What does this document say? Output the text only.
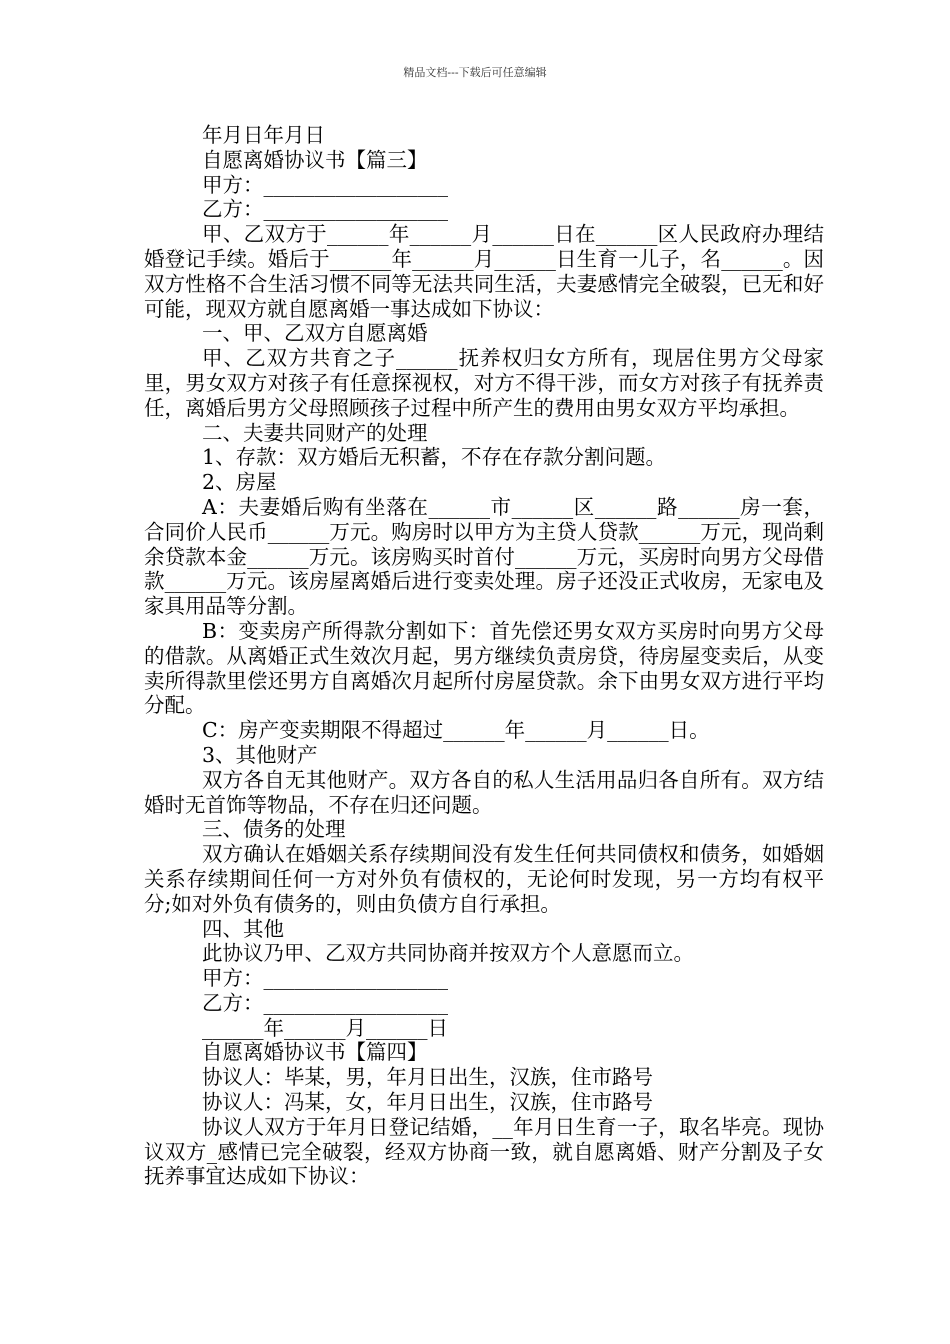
精品文档---下载后可任意编辑

年月日年月日

自愿离婚协议书【篇三】

甲方：__________________

乙方：__________________

甲、乙双方于______年______月______日在______区人民政府办理结婚登记手续。婚后于______年______月______日生育一儿子，名______。因双方性格不合生活习惯不同等无法共同生活，夫妻感情完全破裂，已无和好可能，现双方就自愿离婚一事达成如下协议：

一、甲、乙双方自愿离婚

甲、乙双方共育之子______抚养权归女方所有，现居住男方父母家里，男女双方对孩子有任意探视权，对方不得干涉，而女方对孩子有抚养责任，离婚后男方父母照顾孩子过程中所产生的费用由男女双方平均承担。

二、夫妻共同财产的处理

1、存款：双方婚后无积蓄，不存在存款分割问题。

2、房屋

A：夫妻婚后购有坐落在______市______区______路______房一套，合同价人民币______万元。购房时以甲方为主贷人贷款______万元，现尚剩余贷款本金______万元。该房购买时首付______万元，买房时向男方父母借款______万元。该房屋离婚后进行变卖处理。房子还没正式收房，无家电及家具用品等分割。

B：变卖房产所得款分割如下：首先偿还男女双方买房时向男方父母的借款。从离婚正式生效次月起，男方继续负责房贷，待房屋变卖后，从变卖所得款里偿还男方自离婚次月起所付房屋贷款。余下由男女双方进行平均分配。

C：房产变卖期限不得超过______年______月______日。

3、其他财产

双方各自无其他财产。双方各自的私人生活用品归各自所有。双方结婚时无首饰等物品，不存在归还问题。

三、债务的处理

双方确认在婚姻关系存续期间没有发生任何共同债权和债务，如婚姻关系存续期间任何一方对外负有债权的，无论何时发现，另一方均有权平分;如对外负有债务的，则由负债方自行承担。

四、其他

此协议乃甲、乙双方共同协商并按双方个人意愿而立。

甲方：__________________

乙方：__________________

______年______月______日

自愿离婚协议书【篇四】

协议人：毕某，男，年月日出生，汉族，住市路号

协议人：冯某，女，年月日出生，汉族，住市路号

协议人双方于年月日登记结婚，__年月日生育一子，取名毕亮。现协议双方_感情已完全破裂，经双方协商一致，就自愿离婚、财产分割及子女抚养事宜达成如下协议：
